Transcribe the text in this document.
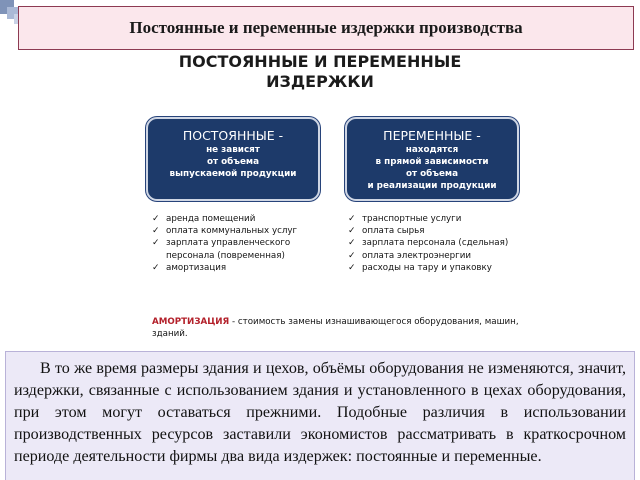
Постоянные и переменные издержки производства
ПОСТОЯННЫЕ И ПЕРЕМЕННЫЕ
ИЗДЕРЖКИ
ПОСТОЯННЫЕ -
не зависят
от объема
выпускаемой продукции
ПЕРЕМЕННЫЕ -
находятся
в прямой зависимости
от объема
и реализации продукции
✓ аренда помещений
✓ оплата коммунальных услуг
✓ зарплата управленческого персонала (повременная)
✓ амортизация
✓ транспортные услуги
✓ оплата сырья
✓ зарплата персонала (сдельная)
✓ оплата электроэнергии
✓ расходы на тару и упаковку
АМОРТИЗАЦИЯ - стоимость замены изнашивающегося оборудования, машин, зданий.

В то же время размеры здания и цехов, объёмы оборудования не изменяются, значит, издержки, связанные с использованием здания и установленного в цехах оборудования, при этом могут оставаться прежними. Подобные различия в использовании производственных ресурсов заставили экономистов рассматривать в краткосрочном периоде деятельности фирмы два вида издержек: постоянные и переменные.
